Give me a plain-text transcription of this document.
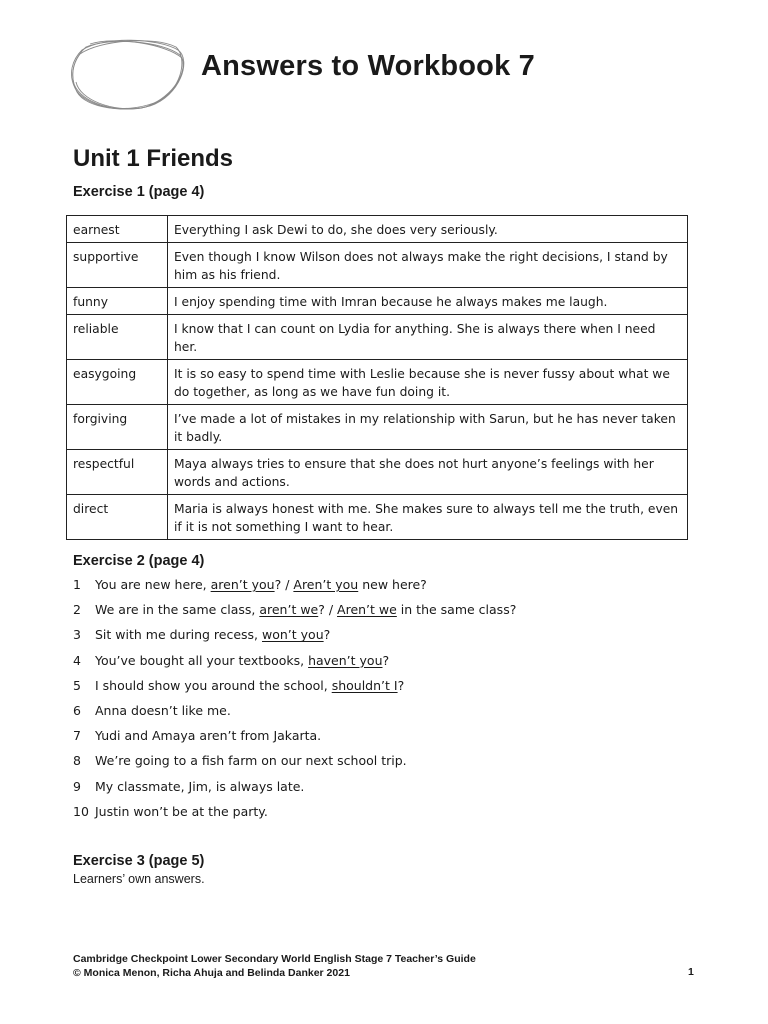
Answers to Workbook 7
Unit 1 Friends
Exercise 1 (page 4)
earnest	Everything I ask Dewi to do, she does very seriously.
supportive	Even though I know Wilson does not always make the right decisions, I stand by him as his friend.
funny	I enjoy spending time with Imran because he always makes me laugh.
reliable	I know that I can count on Lydia for anything. She is always there when I need her.
easygoing	It is so easy to spend time with Leslie because she is never fussy about what we do together, as long as we have fun doing it.
forgiving	I’ve made a lot of mistakes in my relationship with Sarun, but he has never taken it badly.
respectful	Maya always tries to ensure that she does not hurt anyone’s feelings with her words and actions.
direct	Maria is always honest with me. She makes sure to always tell me the truth, even if it is not something I want to hear.
Exercise 2 (page 4)
1 You are new here, aren’t you? / Aren’t you new here?
2 We are in the same class, aren’t we? / Aren’t we in the same class?
3 Sit with me during recess, won’t you?
4 You’ve bought all your textbooks, haven’t you?
5 I should show you around the school, shouldn’t I?
6 Anna doesn’t like me.
7 Yudi and Amaya aren’t from Jakarta.
8 We’re going to a fish farm on our next school trip.
9 My classmate, Jim, is always late.
10 Justin won’t be at the party.
Exercise 3 (page 5)
Learners’ own answers.
Cambridge Checkpoint Lower Secondary World English Stage 7 Teacher’s Guide
© Monica Menon, Richa Ahuja and Belinda Danker 2021	1
